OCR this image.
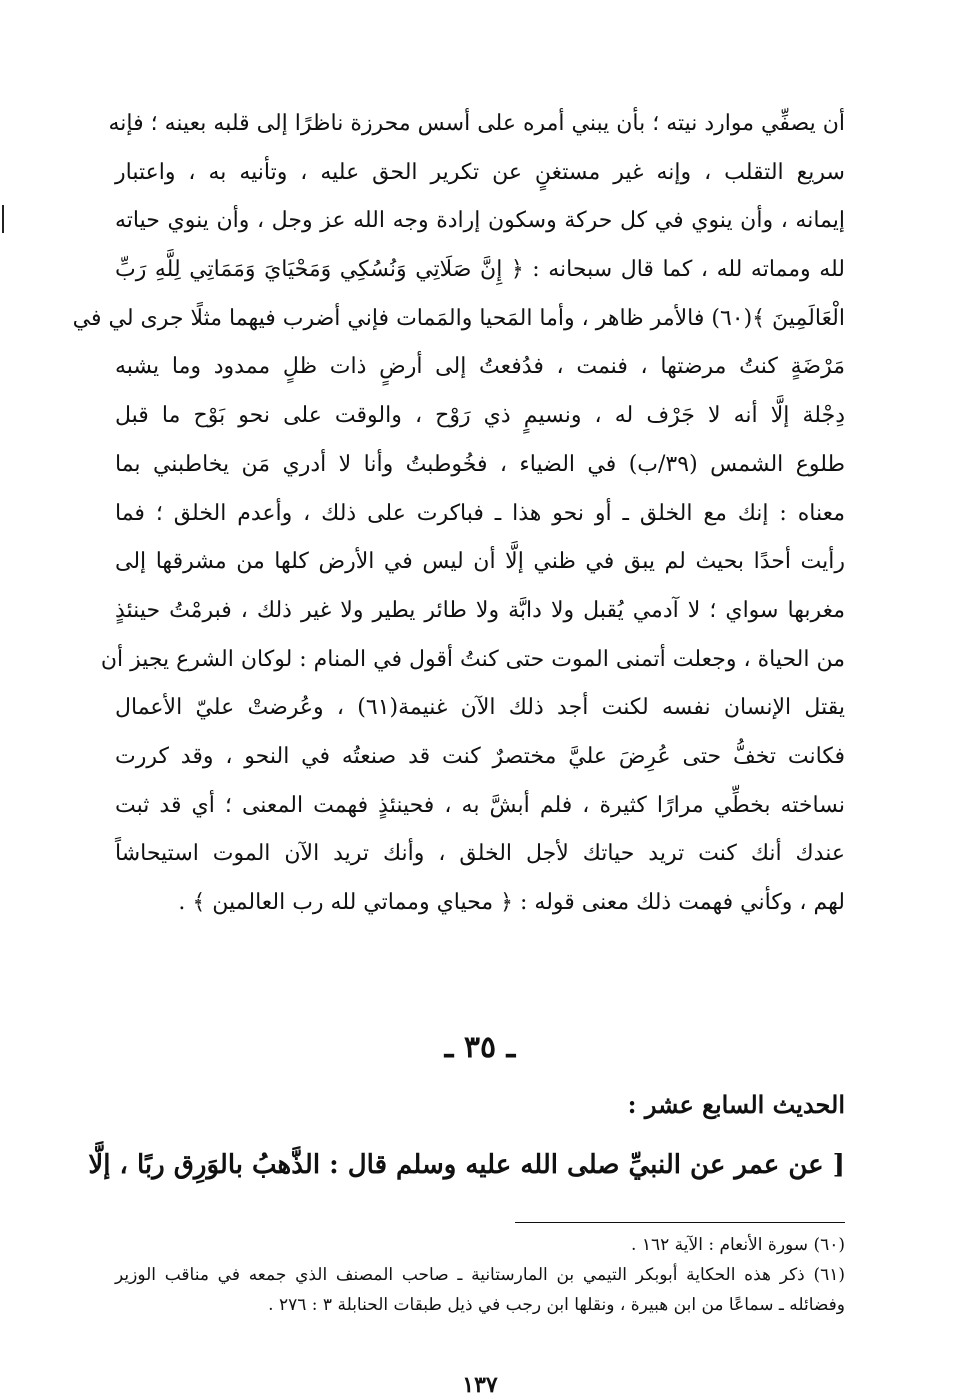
أن يصفِّي موارد نيته ؛ بأن يبني أمره على أسس محرزة ناظرًا إلى قلبه بعينه ؛ فإنه
سريع التقلب ، وإنه غير مستغنٍ عن تكرير الحق عليه ، وتأنيه به ، واعتبار
إيمانه ، وأن ينوي في كل حركة وسكون إرادة وجه الله عز وجل ، وأن ينوي حياته
لله ومماته لله ، كما قال سبحانه : ﴿ إِنَّ صَلَاتِي وَنُسُكِي وَمَحْيَايَ وَمَمَاتِي لِلَّهِ رَبِّ
الْعَالَمِينَ ﴾(٦٠) فالأمر ظاهر ، وأما المَحيا والمَمات فإني أضرب فيهما مثلًا جرى لي في
مَرْضَةٍ كنتُ مرضتها ، فنمت ، فدُفعتُ إلى أرضٍ ذات ظلٍ ممدود وما يشبه
دِجْلة إلَّا أنه لا جَرْف له ، ونسيمٍ ذي رَوْح ، والوقت على نحو بَوْح ما قبل
طلوع الشمس (٣٩/ب) في الضياء ، فخُوطبتُ وأنا لا أدري مَن يخاطبني بما
معناه : إنك مع الخلق ـ أو نحو هذا ـ فباكرت على ذلك ، وأعدم الخلق ؛ فما
رأيت أحدًا بحيث لم يبق في ظني إلَّا أن ليس في الأرض كلها من مشرقها إلى
مغربها سواي ؛ لا آدمي يُقبل ولا دابَّة ولا طائر يطير ولا غير ذلك ، فبرمْتُ حينئذٍ
من الحياة ، وجعلت أتمنى الموت حتى كنتُ أقول في المنام : لوكان الشرع يجيز أن
يقتل الإنسان نفسه لكنت أجد ذلك الآن غنيمة(٦١) ، وعُرضتْ عليّ الأعمال
فكانت تخفُّ حتى عُرِضَ عليَّ مختصرٌ كنت قد صنعتُه في النحو ، وقد كررت
نساخته بخطِّي مرارًا كثيرة ، فلم أبشَّ به ، فحينئذٍ فهمت المعنى ؛ أي قد ثبت
عندك أنك كنت تريد حياتك لأجل الخلق ، وأنك تريد الآن الموت استيحاشاً
لهم ، وكأني فهمت ذلك معنى قوله : ﴿ محياي ومماتي لله رب العالمين ﴾ .
ـ ٣٥ ـ
الحديث السابع عشر :
[ عن عمر عن النبيِّ صلى الله عليه وسلم قال : الذَّهبُ بالوَرِق ربًا ، إلَّا
(٦٠) سورة الأنعام : الآية ١٦٢ .
(٦١) ذكر هذه الحكاية أبوبكر التيمي بن المارستانية ـ صاحب المصنف الذي جمعه في مناقب الوزير
وفضائله ـ سماعًا من ابن هبيرة ، ونقلها ابن رجب في ذيل طبقات الحنابلة ٣ : ٢٧٦ .
١٣٧
